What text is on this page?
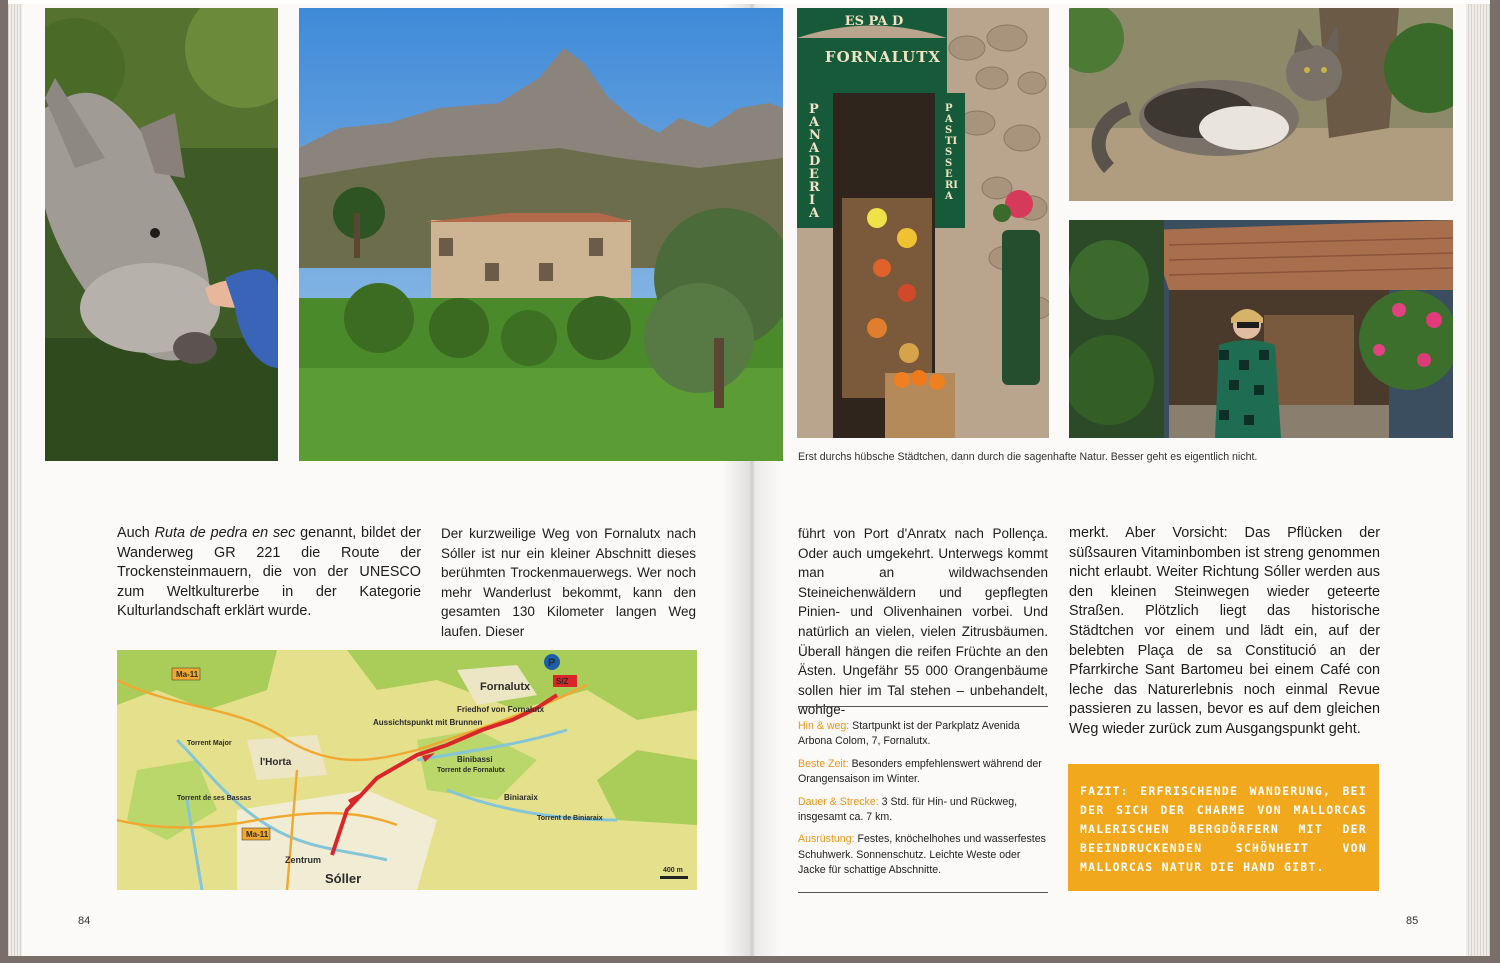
ES PA D
FORNALUTX
PANADERIA
PASTISSERIA
Erst durchs hübsche Städtchen, dann durch die sagenhafte Natur. Besser geht es eigentlich nicht.
Auch Ruta de pedra en sec genannt, bildet der Wanderweg GR 221 die Route der Trockensteinmauern, die von der UNESCO zum Weltkulturerbe in der Kategorie Kulturlandschaft erklärt wurde.
Der kurzweilige Weg von Fornalutx nach Sóller ist nur ein kleiner Abschnitt dieses berühmten Trockenmauerwegs. Wer noch mehr Wanderlust bekommt, kann den gesamten 130 Kilometer langen Weg laufen. Dieser
Ma-11
Ma-11
Fornalutx
Friedhof von Fornalutx
Aussichtspunkt mit Brunnen
Binibassi
l'Horta
Torrent de Fornalutx
Biniaraix
Torrent de Biniaraix
Torrent Major
Torrent de ses Bassas
Zentrum
Sóller
P
S/Z
400 m
84
führt von Port d'Anratx nach Pollença. Oder auch umgekehrt. Unterwegs kommt man an wildwachsenden Steineichenwäldern und gepflegten Pinien- und Olivenhainen vorbei. Und natürlich an vielen, vielen Zitrusbäumen. Überall hängen die reifen Früchte an den Ästen. Ungefähr 55 000 Orangenbäume sollen hier im Tal stehen – unbehandelt, wohlge-
merkt. Aber Vorsicht: Das Pflücken der süßsauren Vitaminbomben ist streng genommen nicht erlaubt. Weiter Richtung Sóller werden aus den kleinen Steinwegen wieder geteerte Straßen. Plötzlich liegt das historische Städtchen vor einem und lädt ein, auf der belebten Plaça de sa Constitució an der Pfarrkirche Sant Bartomeu bei einem Café con leche das Naturerlebnis noch einmal Revue passieren zu lassen, bevor es auf dem gleichen Weg wieder zurück zum Ausgangspunkt geht.

Hin & weg: Startpunkt ist der Parkplatz Avenida Arbona Colom, 7, Fornalutx.

Beste Zeit: Besonders empfehlenswert während der Orangensaison im Winter.

Dauer & Strecke: 3 Std. für Hin- und Rückweg, insgesamt ca. 7 km.

Ausrüstung: Festes, knöchelhohes und wasserfestes Schuhwerk. Sonnenschutz. Leichte Weste oder Jacke für schattige Abschnitte.

FAZIT: ERFRISCHENDE WANDERUNG, BEI DER SICH DER CHARME VON MALLORCAS MALERISCHEN BERGDÖRFERN MIT DER BEEINDRUCKENDEN SCHÖNHEIT VON MALLORCAS NATUR DIE HAND GIBT.
85
